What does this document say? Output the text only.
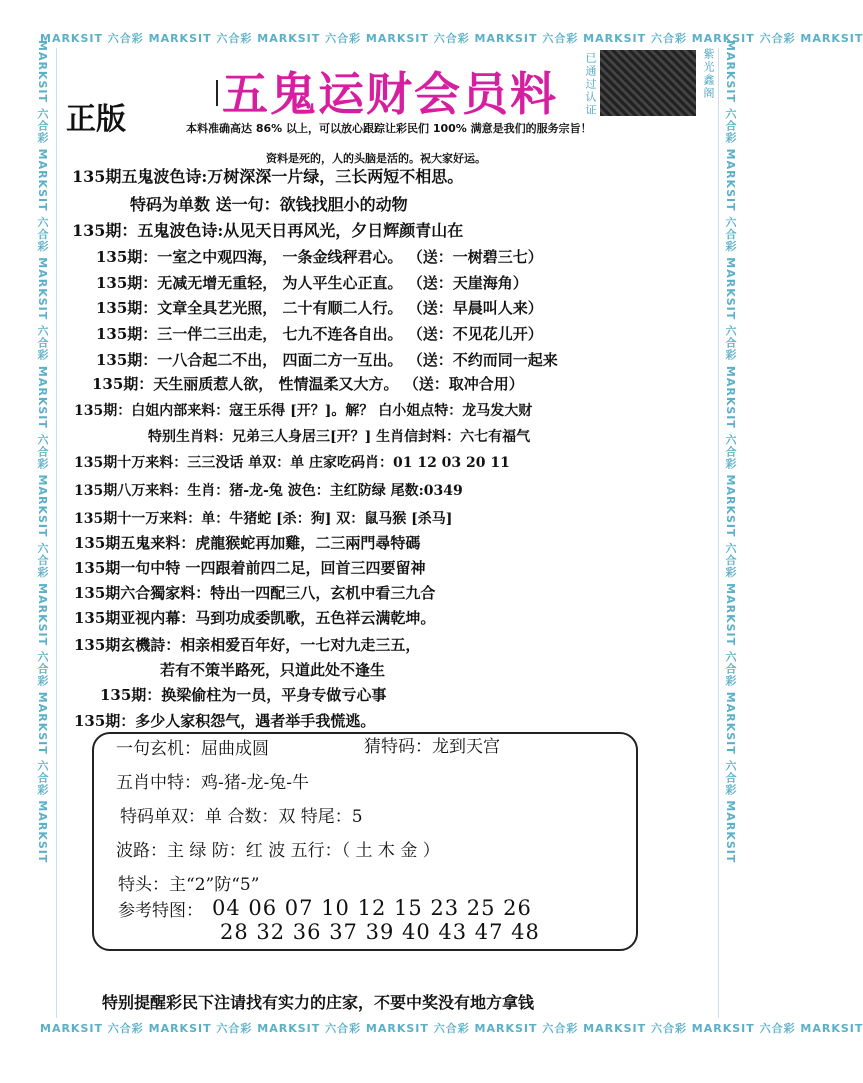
MARKSIT 六合彩 MARKSIT 六合彩 MARKSIT 六合彩 MARKSIT 六合彩 MARKSIT 六合彩 MARKSIT 六合彩 MARKSIT 六合彩 MARKSIT
MARKSIT 六合彩 MARKSIT 六合彩 MARKSIT 六合彩 MARKSIT 六合彩 MARKSIT 六合彩 MARKSIT 六合彩 MARKSIT 六合彩 MARKSIT
MARKSIT 六合彩 MARKSIT 六合彩 MARKSIT 六合彩 MARKSIT 六合彩 MARKSIT 六合彩 MARKSIT 六合彩 MARKSIT 六合彩 MARKSIT	MARKSIT 六合彩 MARKSIT 六合彩 MARKSIT 六合彩 MARKSIT 六合彩 MARKSIT 六合彩 MARKSIT 六合彩 MARKSIT 六合彩 MARKSIT
五鬼运财会员料
正版
已通过认证	紫光鑫阁
本料准确高达 86% 以上，可以放心跟踪让彩民们 100% 满意是我们的服务宗旨！
资料是死的，人的头脑是活的。祝大家好运。
135期五鬼波色诗:万树深深一片绿，三长两短不相思。
特码为单数 送一句：欲钱找胆小的动物
135期：五鬼波色诗:从见天日再风光，夕日辉颜青山在
135期：一室之中观四海， 一条金线秤君心。 （送：一树碧三七）
135期：无减无增无重轻， 为人平生心正直。 （送：天崖海角）
135期：文章全具艺光照， 二十有顺二人行。 （送：早晨叫人来）
135期：三一伴二三出走， 七九不连各自出。 （送：不见花儿开）
135期：一八合起二不出， 四面二方一互出。 （送：不约而同一起来
135期：天生丽质惹人欲， 性情温柔又大方。 （送：取冲合用）
135期：白姐内部来料：寇王乐得 [开？]。解？ 白小姐点特：龙马发大财
特别生肖料：兄弟三人身居三[开？] 生肖信封料：六七有福气
135期十万来料：三三没话 单双：单 庄家吃码肖：01 12 03 20 11
135期八万来料：生肖：猪-龙-兔 波色：主红防绿 尾数:0349
135期十一万来料：单：牛猪蛇 [杀：狗] 双：鼠马猴 [杀马]
135期五鬼来料：虎龍猴蛇再加雞，二三兩門尋特碼
135期一句中特 一四跟着前四二足，回首三四要留神
135期六合獨家料：特出一四配三八，玄机中看三九合
135期亚视内幕：马到功成委凯歌，五色祥云满乾坤。
135期玄機詩：相亲相爱百年好，一七对九走三五，
若有不策半路死，只道此处不逢生
135期：换梁偷柱为一员，平身专做亏心事
135期：多少人家积怨气，遇者举手我慌逃。
一句玄机：屈曲成圆	猜特码：龙到天宫
五肖中特：鸡-猪-龙-兔-牛
特码单双：单 合数：双 特尾：5
波路：主 绿 防：红 波 五行：（ 土 木 金 ）
特头：主“2”防“5”
参考特图： 04 06 07 10 12 15 23 25 26
28 32 36 37 39 40 43 47 48
特别提醒彩民下注请找有实力的庄家，不要中奖没有地方拿钱
